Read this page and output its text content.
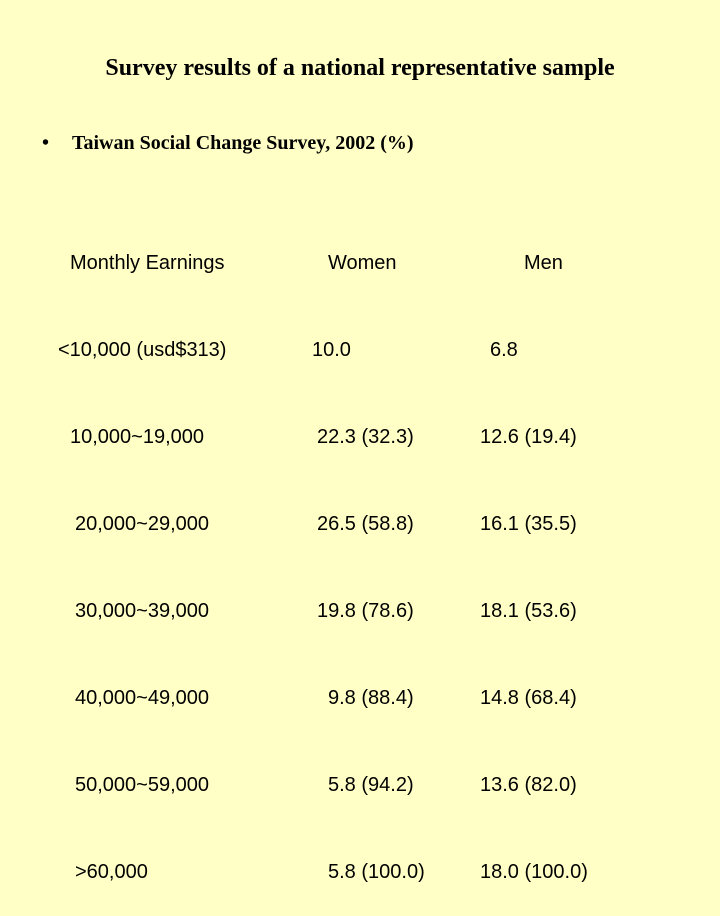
Survey results of a national representative sample
• Taiwan Social Change Survey, 2002 (%)

Monthly Earnings

<10,000 (usd$313)

10,000~19,000

20,000~29,000

30,000~39,000

40,000~49,000

50,000~59,000

>60,000

Women

10.0

22.3 (32.3)

26.5 (58.8)

19.8 (78.6)

9.8 (88.4)

5.8 (94.2)

5.8 (100.0)

Men

6.8

12.6 (19.4)

16.1 (35.5)

18.1 (53.6)

14.8 (68.4)

13.6 (82.0)

18.0 (100.0)
